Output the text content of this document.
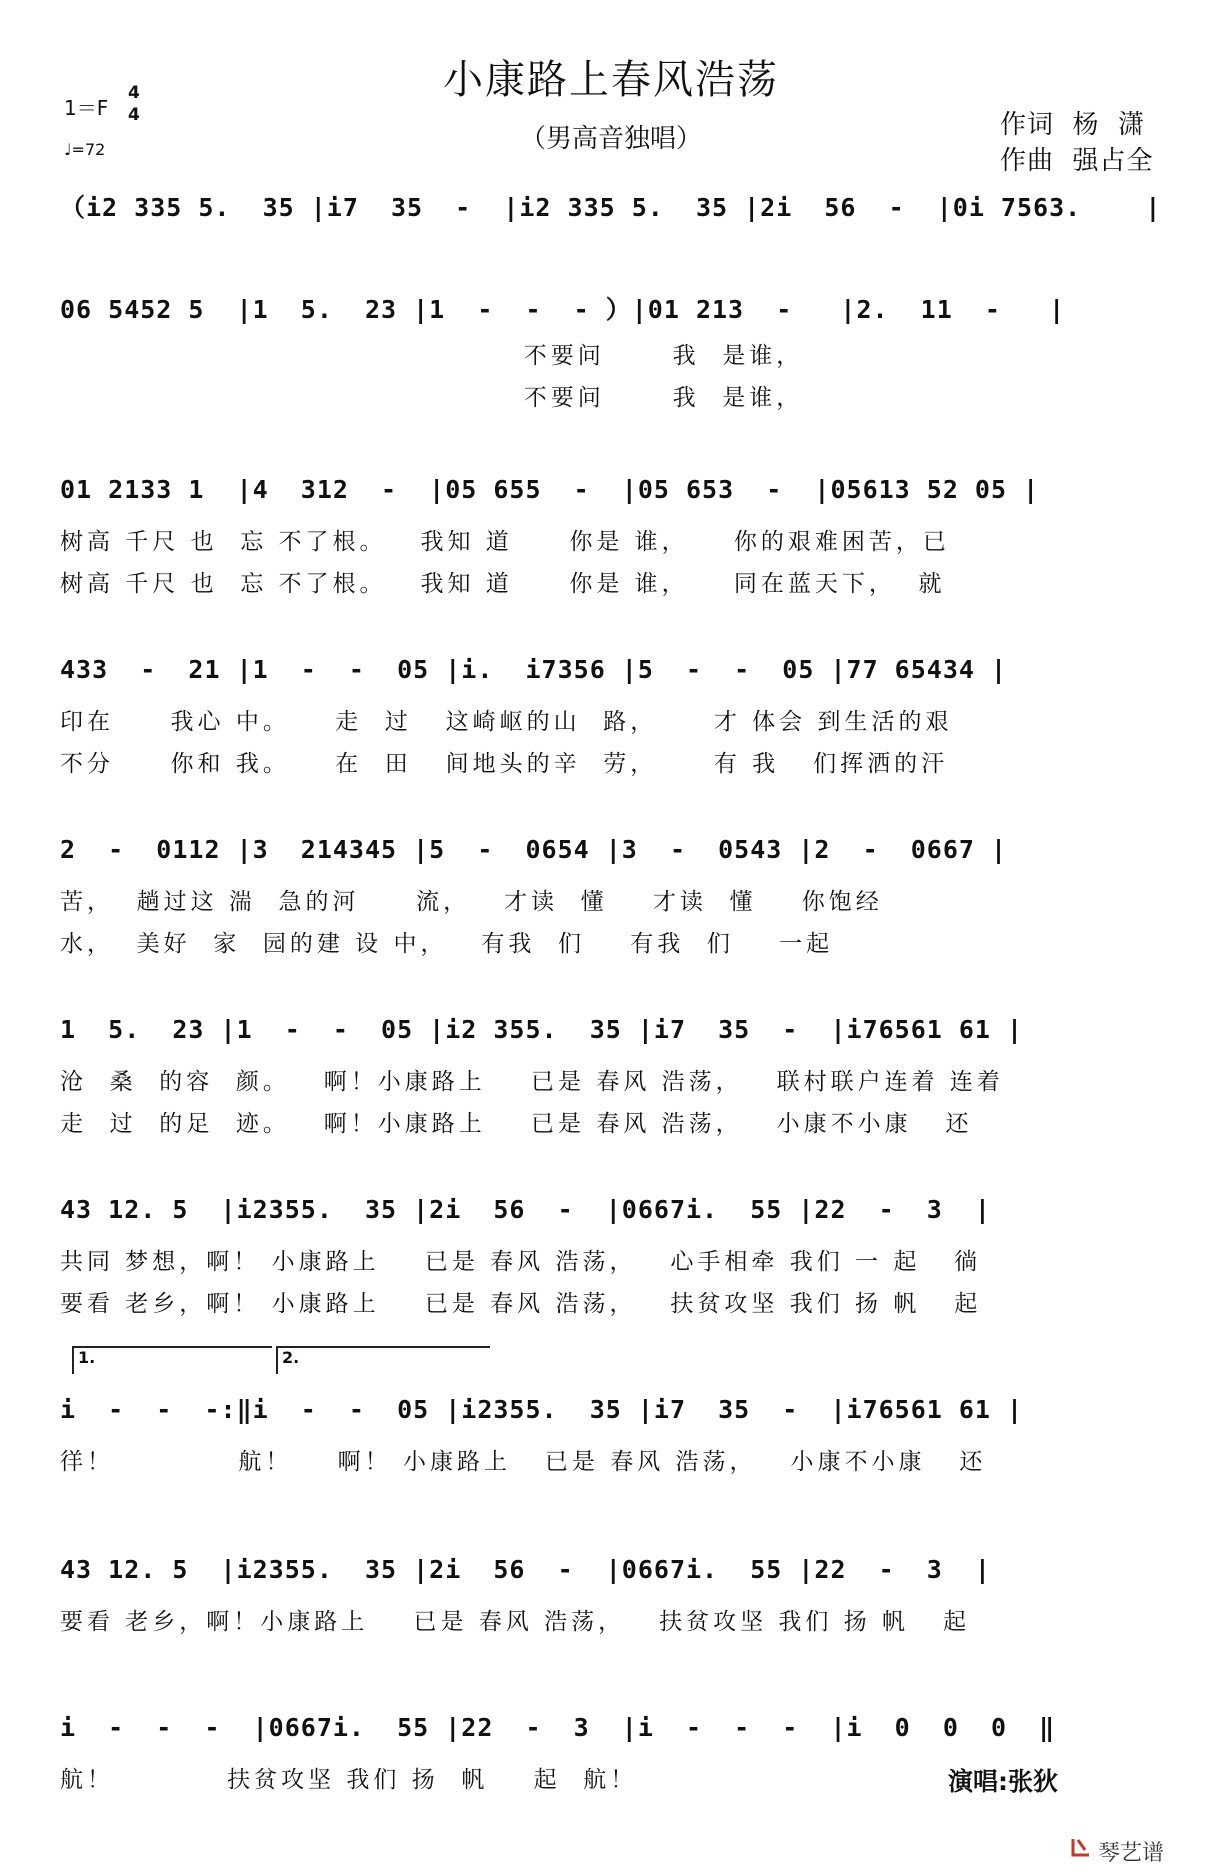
小康路上春风浩荡
（男高音独唱）
1＝F
4
4
♩=72
作词  杨  潇
作曲  强占全
（i2 335 5.  35 |i7  35  -  |i2 335 5.  35 |2i  56  -  |0i 7563.    |
06 5452 5  |1  5.  23 |1  -  -  - ）|01 213  -   |2.  11  -   |
不要问      我  是谁，
不要问      我  是谁，
01 2133 1  |4  312  -  |05 655  -  |05 653  -  |05613 52 05 |
树高 千尺 也  忘 不了根。   我知 道     你是 谁，    你的艰难困苦，已
树高 千尺 也  忘 不了根。   我知 道     你是 谁，    同在蓝天下，  就
433  -  21 |1  -  -  05 |i.  i7356 |5  -  -  05 |77 65434 |
印在     我心 中。    走  过   这崎岖的山  路，     才 体会 到生活的艰
不分     你和 我。    在  田   间地头的辛  劳，     有 我   们挥洒的汗
2  -  0112 |3  214345 |5  -  0654 |3  -  0543 |2  -  0667 |
苦，  趟过这 湍  急的河     流，   才读  懂    才读  懂    你饱经
水，  美好  家  园的建 设 中，   有我  们    有我  们    一起
1  5.  23 |1  -  -  05 |i2 355.  35 |i7  35  -  |i76561 61 |
沧  桑  的容  颜。   啊！小康路上    已是 春风 浩荡，   联村联户连着 连着
走  过  的足  迹。   啊！小康路上    已是 春风 浩荡，   小康不小康   还
43 12. 5  |i2355.  35 |2i  56  -  |0667i.  55 |22  -  3  |
共同 梦想，啊！ 小康路上    已是 春风 浩荡，   心手相牵 我们 一 起   徜
要看 老乡，啊！ 小康路上    已是 春风 浩荡，   扶贫攻坚 我们 扬 帆   起
1.	2.
i  -  -  -:‖i  -  -  05 |i2355.  35 |i7  35  -  |i76561 61 |
徉！           航！    啊！ 小康路上   已是 春风 浩荡，   小康不小康   还
43 12. 5  |i2355.  35 |2i  56  -  |0667i.  55 |22  -  3  |
要看 老乡，啊！小康路上    已是 春风 浩荡，   扶贫攻坚 我们 扬 帆   起
i  -  -  -  |0667i.  55 |22  -  3  |i  -  -  -  |i  0  0  0  ‖
航！          扶贫攻坚 我们 扬  帆    起  航！	演唱:张狄
琴艺谱
